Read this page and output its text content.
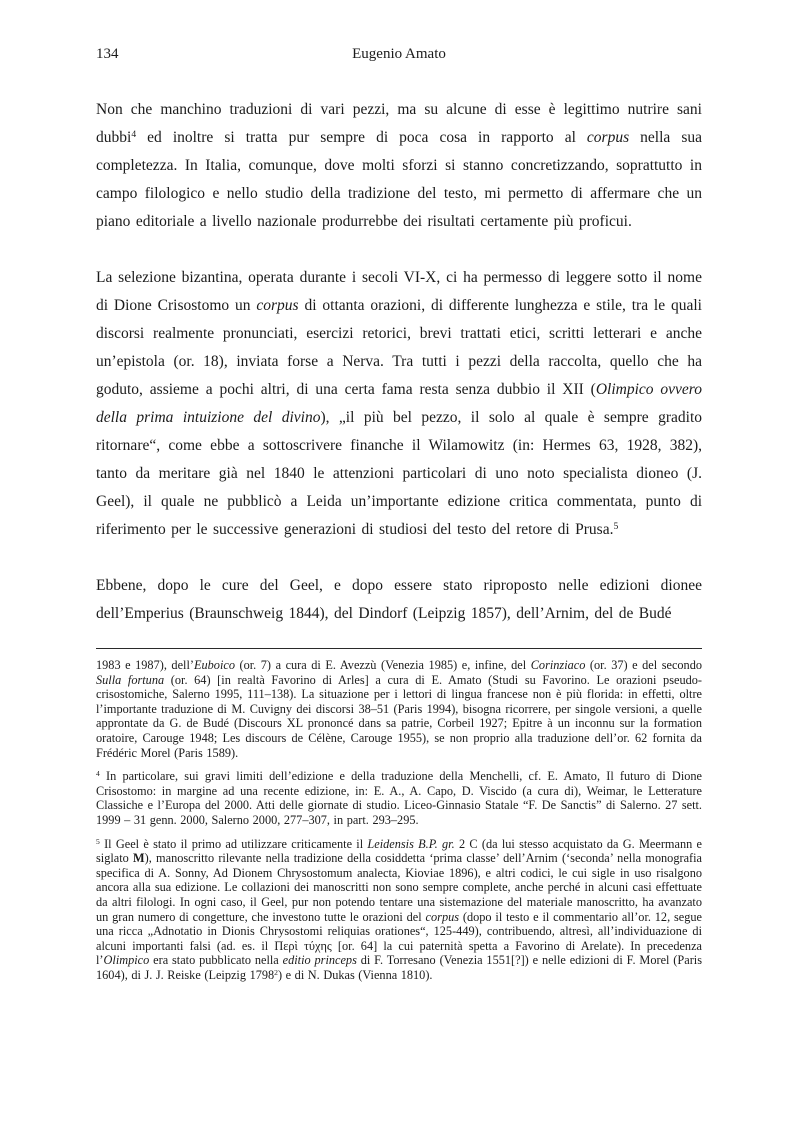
134	Eugenio Amato

Non che manchino traduzioni di vari pezzi, ma su alcune di esse è legittimo nutrire sani dubbi$^4$ ed inoltre si tratta pur sempre di poca cosa in rapporto al corpus nella sua completezza. In Italia, comunque, dove molti sforzi si stanno concretizzando, soprattutto in campo filologico e nello studio della tradizione del testo, mi permetto di affermare che un piano editoriale a livello nazionale produrrebbe dei risultati certamente più proficui.

La selezione bizantina, operata durante i secoli VI-X, ci ha permesso di leggere sotto il nome di Dione Crisostomo un corpus di ottanta orazioni, di differente lunghezza e stile, tra le quali discorsi realmente pronunciati, esercizi retorici, brevi trattati etici, scritti letterari e anche un’epistola (or. 18), inviata forse a Nerva. Tra tutti i pezzi della raccolta, quello che ha goduto, assieme a pochi altri, di una certa fama resta senza dubbio il XII (Olimpico ovvero della prima intuizione del divino), „il più bel pezzo, il solo al quale è sempre gradito ritornare“, come ebbe a sottoscrivere finanche il Wilamowitz (in: Hermes 63, 1928, 382), tanto da meritare già nel 1840 le attenzioni particolari di uno noto specialista dioneo (J. Geel), il quale ne pubblicò a Leida un’importante edizione critica commentata, punto di riferimento per le successive generazioni di studiosi del testo del retore di Prusa.$^5$

Ebbene, dopo le cure del Geel, e dopo essere stato riproposto nelle edizioni dionee dell’Emperius (Braunschweig 1844), del Dindorf (Leipzig 1857), dell’Arnim, del de Budé

1983 e 1987), dell’Euboico (or. 7) a cura di E. Avezzù (Venezia 1985) e, infine, del Corinziaco (or. 37) e del secondo Sulla fortuna (or. 64) [in realtà Favorino di Arles] a cura di E. Amato (Studi su Favorino. Le orazioni pseudo-crisostomiche, Salerno 1995, 111–138). La situazione per i lettori di lingua francese non è più florida: in effetti, oltre l’importante traduzione di M. Cuvigny dei discorsi 38–51 (Paris 1994), bisogna ricorrere, per singole versioni, a quelle approntate da G. de Budé (Discours XL prononcé dans sa patrie, Corbeil 1927; Epitre à un inconnu sur la formation oratoire, Carouge 1948; Les discours de Célène, Carouge 1955), se non proprio alla traduzione dell’or. 62 fornita da Frédéric Morel (Paris 1589).

$^4$ In particolare, sui gravi limiti dell’edizione e della traduzione della Menchelli, cf. E. Amato, Il futuro di Dione Crisostomo: in margine ad una recente edizione, in: E. A., A. Capo, D. Viscido (a cura di), Weimar, le Letterature Classiche e l’Europa del 2000. Atti delle giornate di studio. Liceo-Ginnasio Statale “F. De Sanctis” di Salerno. 27 sett. 1999 – 31 genn. 2000, Salerno 2000, 277–307, in part. 293–295.

$^5$ Il Geel è stato il primo ad utilizzare criticamente il Leidensis B.P. gr. 2 C (da lui stesso acquistato da G. Meermann e siglato M), manoscritto rilevante nella tradizione della cosiddetta ‘prima classe’ dell’Arnim (‘seconda’ nella monografia specifica di A. Sonny, Ad Dionem Chrysostomum analecta, Kioviae 1896), e altri codici, le cui sigle in uso risalgono ancora alla sua edizione. Le collazioni dei manoscritti non sono sempre complete, anche perché in alcuni casi effettuate da altri filologi. In ogni caso, il Geel, pur non potendo tentare una sistemazione del materiale manoscritto, ha avanzato un gran numero di congetture, che investono tutte le orazioni del corpus (dopo il testo e il commentario all’or. 12, segue una ricca „Adnotatio in Dionis Chrysostomi reliquias orationes“, 125-449), contribuendo, altresì, all’individuazione di alcuni importanti falsi (ad. es. il Περὶ τύχης [or. 64] la cui paternità spetta a Favorino di Arelate). In precedenza l’Olimpico era stato pubblicato nella editio princeps di F. Torresano (Venezia 1551[?]) e nelle edizioni di F. Morel (Paris 1604), di J. J. Reiske (Leipzig 1798$^2$) e di N. Dukas (Vienna 1810).
